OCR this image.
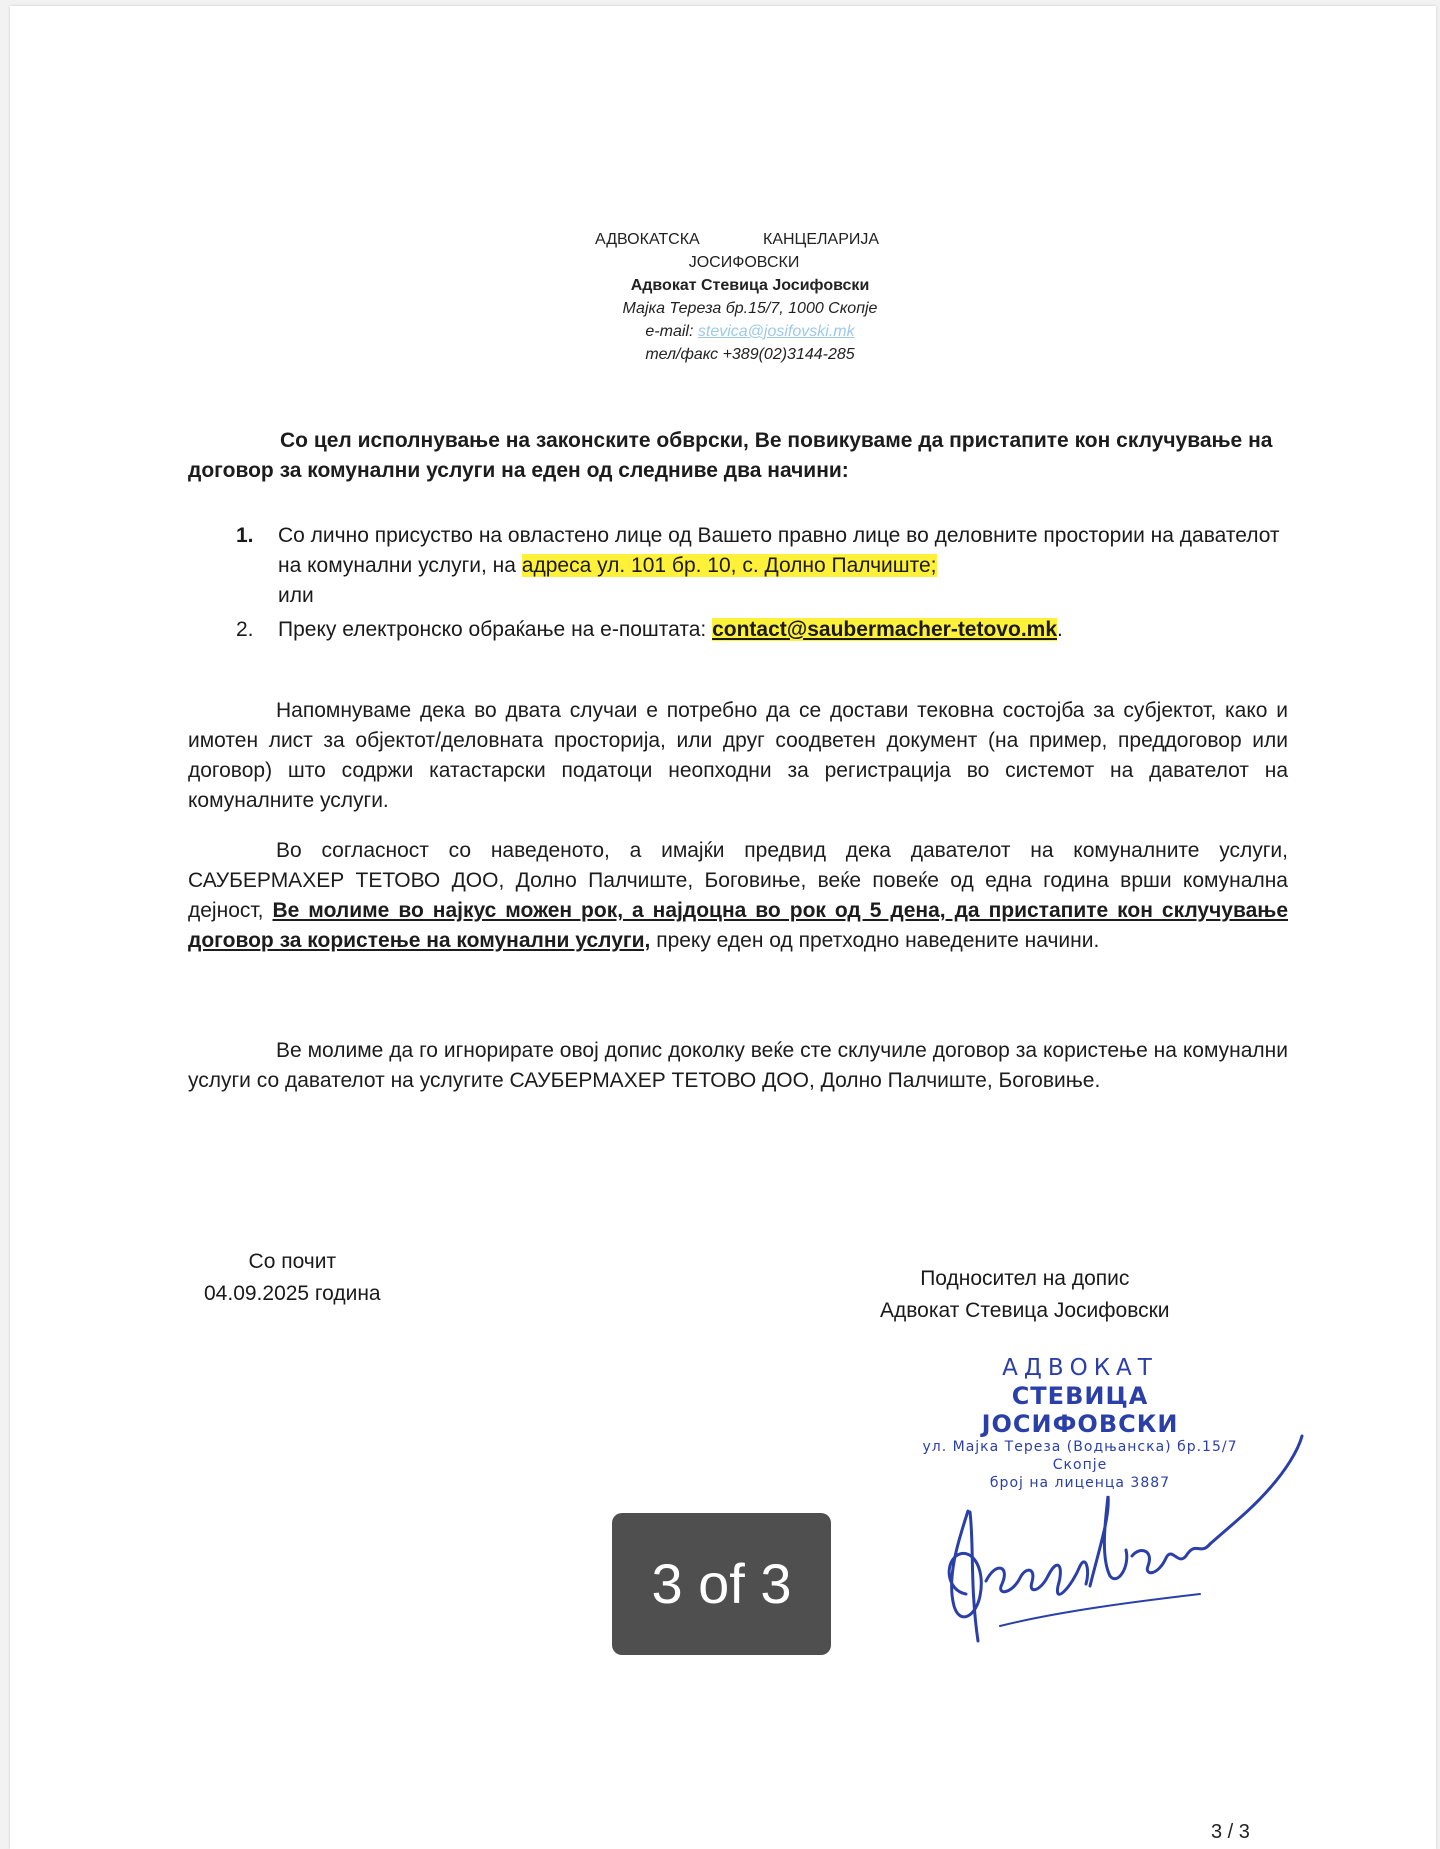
АДВОКАТСКА	КАНЦЕЛАРИЈА
ЈОСИФОВСКИ
Адвокат Стевица Јосифовски
Мајка Тереза бр.15/7, 1000 Скопје
e-mail: stevica@josifovski.mk
тел/факс +389(02)3144-285
Со цел исполнување на законските обврски, Ве повикуваме да пристапите кон склучување на договор за комунални услуги на еден од следниве два начини:
1. Со лично присуство на овластено лице од Вашето правно лице во деловните простории на давателот на комунални услуги, на адреса ул. 101 бр. 10, с. Долно Палчиште;
или
2. Преку електронско обраќање на е-поштата: contact@saubermacher-tetovo.mk.
Напомнуваме дека во двата случаи е потребно да се достави тековна состојба за субјектот, како и имотен лист за објектот/деловната просторија, или друг соодветен документ (на пример, преддоговор или договор) што содржи катастарски податоци неопходни за регистрација во системот на давателот на комуналните услуги.
Во согласност со наведеното, а имајќи предвид дека давателот на комуналните услуги, САУБЕРМАХЕР ТЕТОВО ДОО, Долно Палчиште, Боговиње, веќе повеќе од една година врши комунална дејност, Ве молиме во најкус можен рок, а најдоцна во рок од 5 дена, да пристапите кон склучување договор за користење на комунални услуги, преку еден од претходно наведените начини.
Ве молиме да го игнорирате овој допис доколку веќе сте склучиле договор за користење на комунални услуги со давателот на услугите САУБЕРМАХЕР ТЕТОВО ДОО, Долно Палчиште, Боговиње.
Со почит
04.09.2025 година
Подносител на допис
Адвокат Стевица Јосифовски
АДВОКАТ
СТЕВИЦА ЈОСИФОВСКИ
ул. Мајка Тереза (Водњанска) бр.15/7
Скопје
број на лиценца 3887
3 of 3
3 / 3
